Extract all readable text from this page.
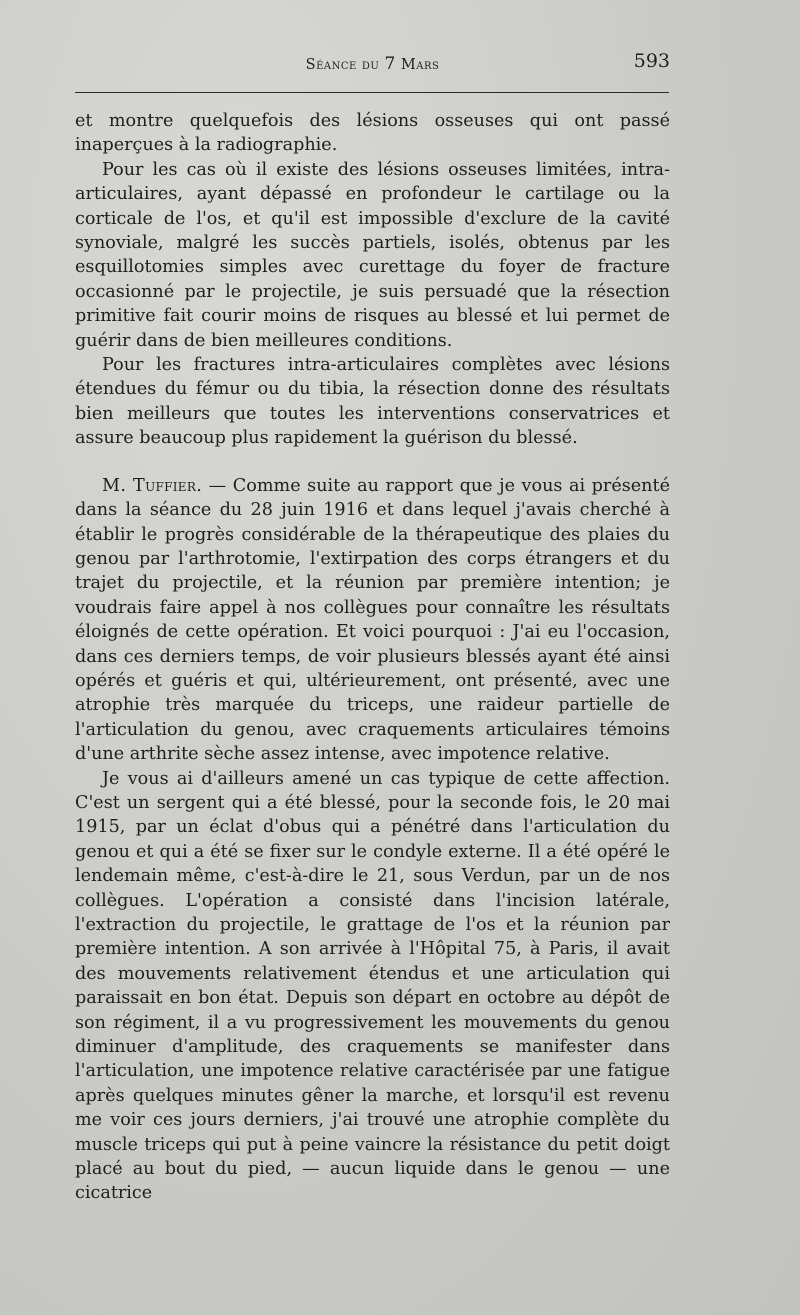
Séance du 7 Mars	593

et montre quelquefois des lésions osseuses qui ont passé inaperçues à la radiographie.

Pour les cas où il existe des lésions osseuses limitées, intra-articulaires, ayant dépassé en profondeur le cartilage ou la corticale de l'os, et qu'il est impossible d'exclure de la cavité synoviale, malgré les succès partiels, isolés, obtenus par les esquillotomies simples avec curettage du foyer de fracture occasionné par le projectile, je suis persuadé que la résection primitive fait courir moins de risques au blessé et lui permet de guérir dans de bien meilleures conditions.

Pour les fractures intra-articulaires complètes avec lésions étendues du fémur ou du tibia, la résection donne des résultats bien meilleurs que toutes les interventions conservatrices et assure beaucoup plus rapidement la guérison du blessé.

M. Tuffier. — Comme suite au rapport que je vous ai présenté dans la séance du 28 juin 1916 et dans lequel j'avais cherché à établir le progrès considérable de la thérapeutique des plaies du genou par l'arthrotomie, l'extirpation des corps étrangers et du trajet du projectile, et la réunion par première intention; je voudrais faire appel à nos collègues pour connaître les résultats éloignés de cette opération. Et voici pourquoi : J'ai eu l'occasion, dans ces derniers temps, de voir plusieurs blessés ayant été ainsi opérés et guéris et qui, ultérieurement, ont présenté, avec une atrophie très marquée du triceps, une raideur partielle de l'articulation du genou, avec craquements articulaires témoins d'une arthrite sèche assez intense, avec impotence relative.

Je vous ai d'ailleurs amené un cas typique de cette affection. C'est un sergent qui a été blessé, pour la seconde fois, le 20 mai 1915, par un éclat d'obus qui a pénétré dans l'articulation du genou et qui a été se fixer sur le condyle externe. Il a été opéré le lendemain même, c'est-à-dire le 21, sous Verdun, par un de nos collègues. L'opération a consisté dans l'incision latérale, l'extraction du projectile, le grattage de l'os et la réunion par première intention. A son arrivée à l'Hôpital 75, à Paris, il avait des mouvements relativement étendus et une articulation qui paraissait en bon état. Depuis son départ en octobre au dépôt de son régiment, il a vu progressivement les mouvements du genou diminuer d'amplitude, des craquements se manifester dans l'articulation, une impotence relative caractérisée par une fatigue après quelques minutes gêner la marche, et lorsqu'il est revenu me voir ces jours derniers, j'ai trouvé une atrophie complète du muscle triceps qui put à peine vaincre la résistance du petit doigt placé au bout du pied, — aucun liquide dans le genou — une cicatrice
